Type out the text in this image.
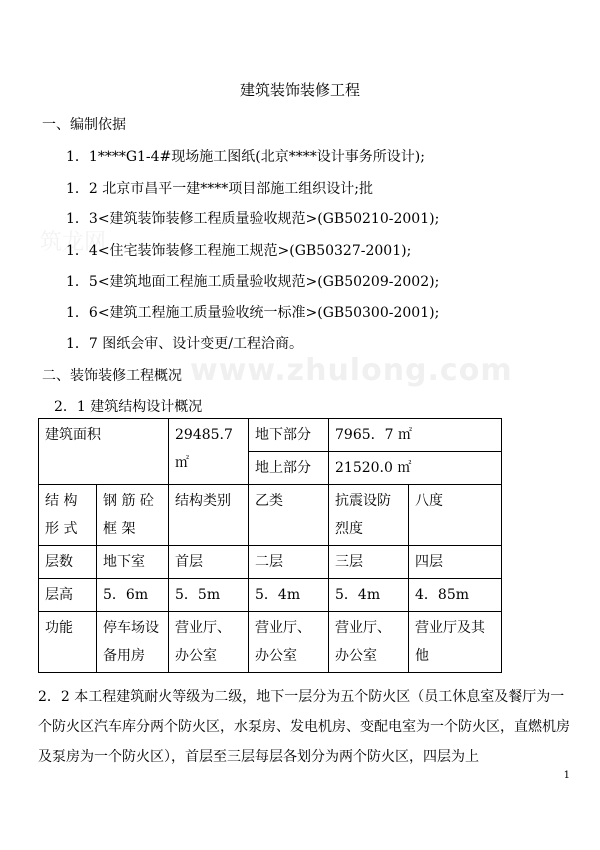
筑龙网
www.zhulong.com
建筑装饰装修工程
一、编制依据
1．1****G1-4#现场施工图纸(北京****设计事务所设计);
1．2 北京市昌平一建****项目部施工组织设计;批
1．3<建筑装饰装修工程质量验收规范>(GB50210-2001);
1．4<住宅装饰装修工程施工规范>(GB50327-2001);
1．5<建筑地面工程施工质量验收规范>(GB50209-2002);
1．6<建筑工程施工质量验收统一标准>(GB50300-2001);
1．7 图纸会审、设计变更/工程洽商。
二、装饰装修工程概况
2．1 建筑结构设计概况
建筑面积		29485.7 ㎡	地下部分	7965．7 ㎡	
			地上部分	21520.0 ㎡	
结 构 形 式	钢 筋 砼 框 架	结构类别	乙类	抗震设防烈度	八度
层数	地下室	首层	二层	三层	四层
层高	5．6m	5．5m	5．4m	5．4m	4．85m
功能	停车场设备用房	营业厅、办公室	营业厅、办公室	营业厅、办公室	营业厅及其他
2．2 本工程建筑耐火等级为二级，地下一层分为五个防火区（员工休息室及餐厅为一个防火区汽车库分两个防火区，水泵房、发电机房、变配电室为一个防火区，直燃机房及泵房为一个防火区），首层至三层每层各划分为两个防火区，四层为上
1
